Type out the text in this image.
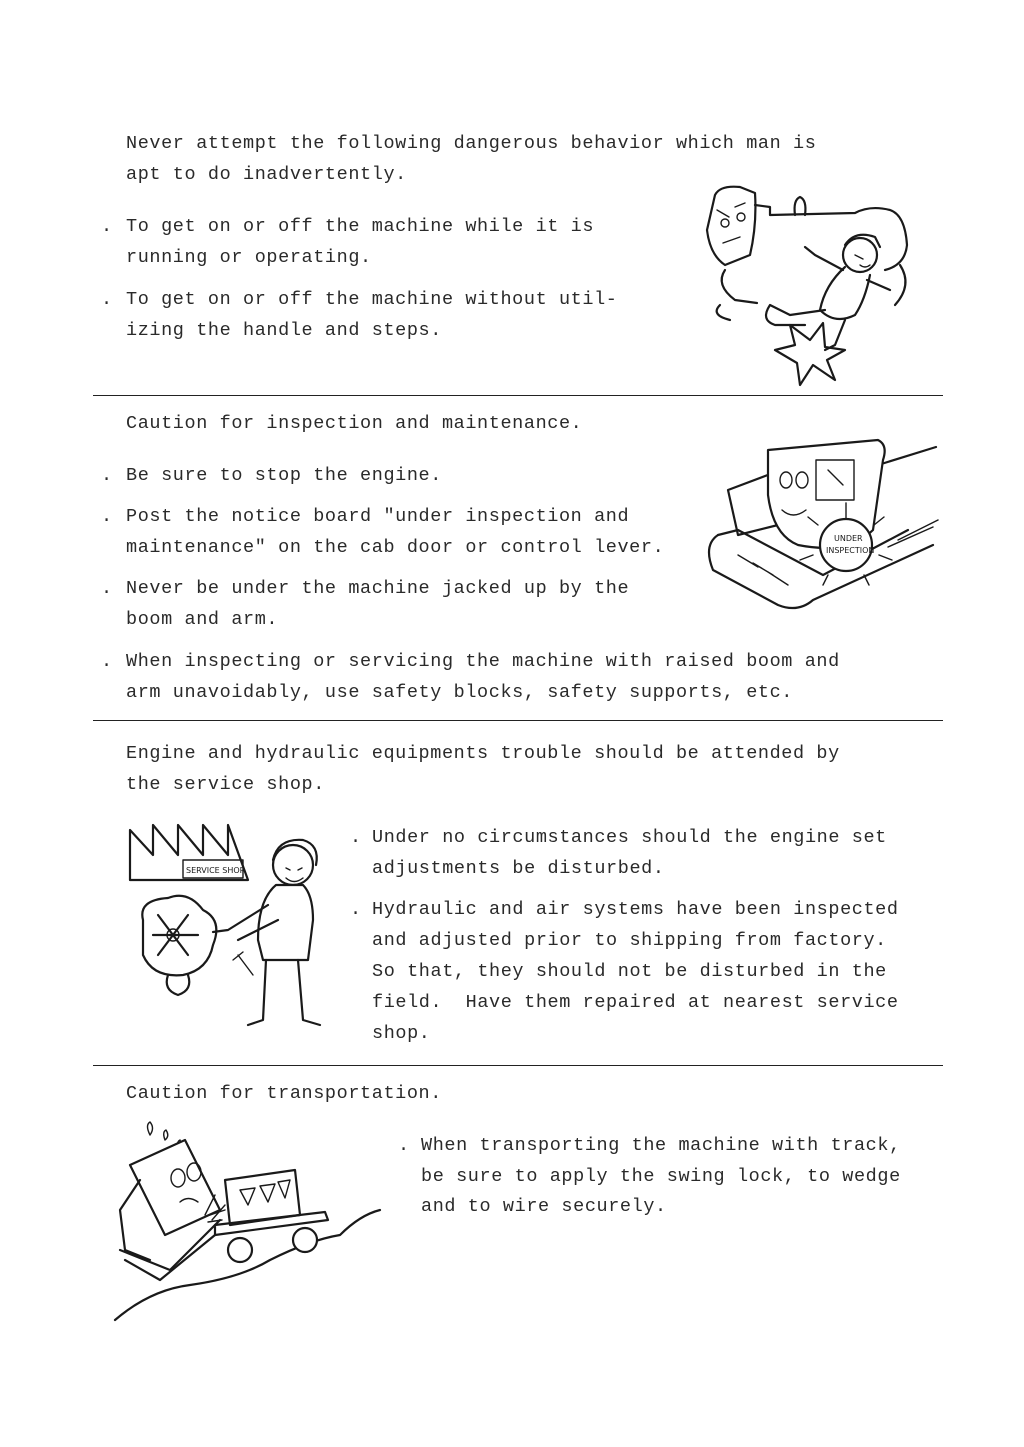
Never attempt the following dangerous behavior which man is

apt to do inadvertently.

. To get on or off the machine while it is

running or operating.

. To get on or off the machine without util-

izing the handle and steps.

Caution for inspection and maintenance.

. Be sure to stop the engine.

. Post the notice board "under inspection and

maintenance" on the cab door or control lever.

. Never be under the machine jacked up by the

boom and arm.

. When inspecting or servicing the machine with raised boom and

arm unavoidably, use safety blocks, safety supports, etc.

UNDER
INSPECTION

Engine and hydraulic equipments trouble should be attended by

the service shop.

SERVICE SHOP
. Under no circumstances should the engine set

adjustments be disturbed.

. Hydraulic and air systems have been inspected

and adjusted prior to shipping from factory.

So that, they should not be disturbed in the

field.  Have them repaired at nearest service

shop.

Caution for transportation.

. When transporting the machine with track,

be sure to apply the swing lock, to wedge

and to wire securely.
